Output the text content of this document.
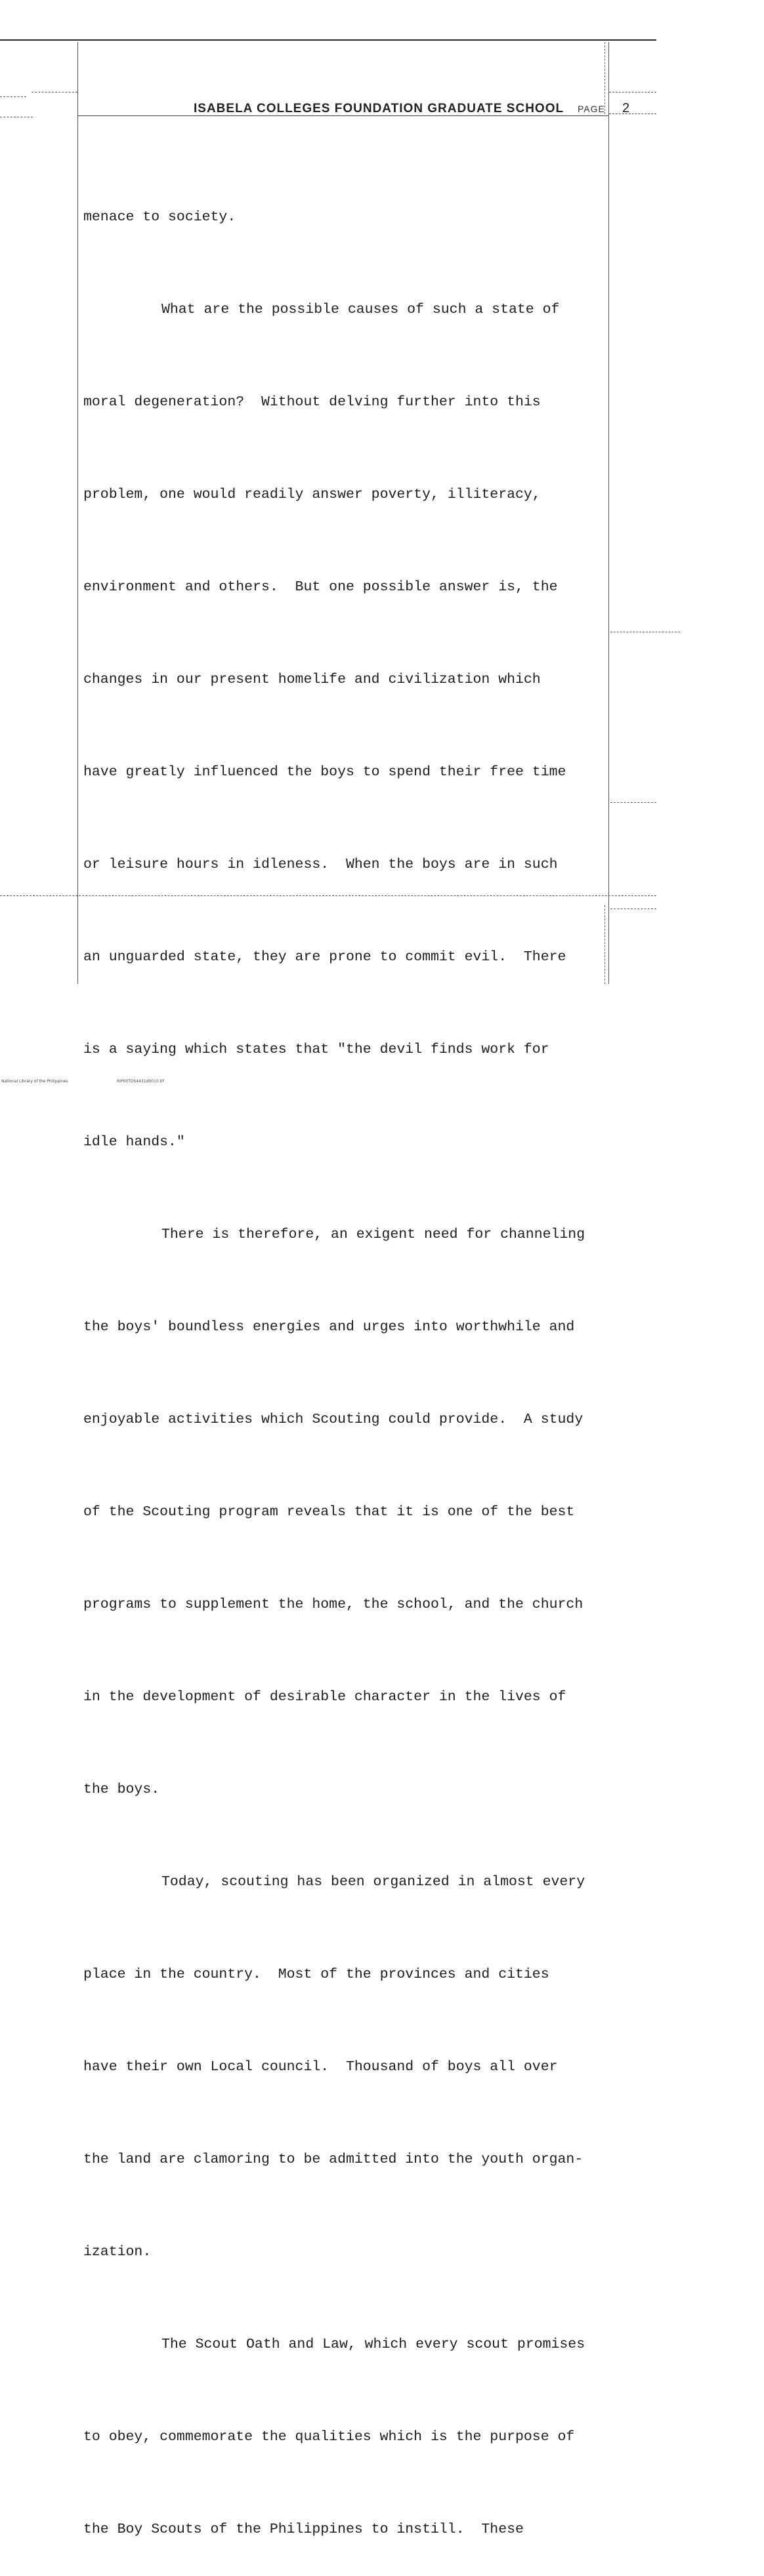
ISABELA COLLEGES FOUNDATION GRADUATE SCHOOL PAGE 2

menace to society.

What are the possible causes of such a state of

moral degeneration?  Without delving further into this

problem, one would readily answer poverty, illiteracy,

environment and others.  But one possible answer is, the

changes in our present homelife and civilization which

have greatly influenced the boys to spend their free time

or leisure hours in idleness.  When the boys are in such

an unguarded state, they are prone to commit evil.  There

is a saying which states that "the devil finds work for

idle hands."

There is therefore, an exigent need for channeling

the boys' boundless energies and urges into worthwhile and

enjoyable activities which Scouting could provide.  A study

of the Scouting program reveals that it is one of the best

programs to supplement the home, the school, and the church

in the development of desirable character in the lives of

the boys.

Today, scouting has been organized in almost every

place in the country.  Most of the provinces and cities

have their own Local council.  Thousand of boys all over

the land are clamoring to be admitted into the youth organ-

ization.

The Scout Oath and Law, which every scout promises

to obey, commemorate the qualities which is the purpose of

the Boy Scouts of the Philippines to instill.  These

National Library of the Philippines	RIP00TDS4431d0010.tif
